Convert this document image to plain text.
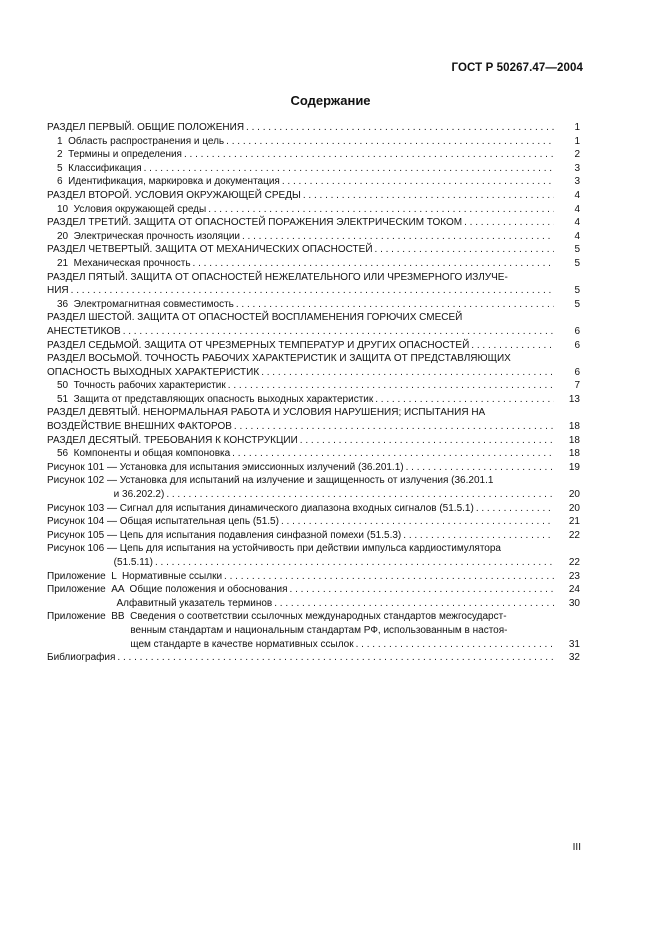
ГОСТ Р 50267.47—2004
Содержание
РАЗДЕЛ ПЕРВЫЙ. ОБЩИЕ ПОЛОЖЕНИЯ . . .	1
1  Область распространения и цель . . .	1
2  Термины и определения . . .	2
5  Классификация . . .	3
6  Идентификация, маркировка и документация . . .	3
РАЗДЕЛ ВТОРОЙ. УСЛОВИЯ ОКРУЖАЮЩЕЙ СРЕДЫ . . .	4
10  Условия окружающей среды . . .	4
РАЗДЕЛ ТРЕТИЙ. ЗАЩИТА ОТ ОПАСНОСТЕЙ ПОРАЖЕНИЯ ЭЛЕКТРИЧЕСКИМ ТОКОМ . . .	4
20  Электрическая прочность изоляции . . .	4
РАЗДЕЛ ЧЕТВЕРТЫЙ. ЗАЩИТА ОТ МЕХАНИЧЕСКИХ ОПАСНОСТЕЙ . . .	5
21  Механическая прочность . . .	5
РАЗДЕЛ ПЯТЫЙ. ЗАЩИТА ОТ ОПАСНОСТЕЙ НЕЖЕЛАТЕЛЬНОГО ИЛИ ЧРЕЗМЕРНОГО ИЗЛУЧЕ-
НИЯ . . .	5
36  Электромагнитная совместимость . . .	5
РАЗДЕЛ ШЕСТОЙ. ЗАЩИТА ОТ ОПАСНОСТЕЙ ВОСПЛАМЕНЕНИЯ ГОРЮЧИХ СМЕСЕЙ
АНЕСТЕТИКОВ . . .	6
РАЗДЕЛ СЕДЬМОЙ. ЗАЩИТА ОТ ЧРЕЗМЕРНЫХ ТЕМПЕРАТУР И ДРУГИХ ОПАСНОСТЕЙ . . .	6
РАЗДЕЛ ВОСЬМОЙ. ТОЧНОСТЬ РАБОЧИХ ХАРАКТЕРИСТИК И ЗАЩИТА ОТ ПРЕДСТАВЛЯЮЩИХ
ОПАСНОСТЬ ВЫХОДНЫХ ХАРАКТЕРИСТИК . . .	6
50  Точность рабочих характеристик . . .	7
51  Защита от представляющих опасность выходных характеристик . . .	13
РАЗДЕЛ ДЕВЯТЫЙ. НЕНОРМАЛЬНАЯ РАБОТА И УСЛОВИЯ НАРУШЕНИЯ; ИСПЫТАНИЯ НА
ВОЗДЕЙСТВИЕ ВНЕШНИХ ФАКТОРОВ . . .	18
РАЗДЕЛ ДЕСЯТЫЙ. ТРЕБОВАНИЯ К КОНСТРУКЦИИ . . .	18
56  Компоненты и общая компоновка . . .	18
Рисунок 101 — Установка для испытания эмиссионных излучений (36.201.1) . . .	19
Рисунок 102 — Установка для испытаний на излучение и защищенность от излучения (36.201.1
и 36.202.2) . . .	20
Рисунок 103 — Сигнал для испытания динамического диапазона входных сигналов (51.5.1) . . .	20
Рисунок 104 — Общая испытательная цепь (51.5) . . .	21
Рисунок 105 — Цепь для испытания подавления синфазной помехи (51.5.3) . . .	22
Рисунок 106 — Цепь для испытания на устойчивость при действии импульса кардиостимулятора
(51.5.11) . . .	22
Приложение  L  Нормативные ссылки . . .	23
Приложение  AA  Общие положения и обоснования . . .	24
Алфавитный указатель терминов . . .	30
Приложение  BB  Сведения о соответствии ссылочных международных стандартов межгосударст-
венным стандартам и национальным стандартам РФ, использованным в настоя-
щем стандарте в качестве нормативных ссылок . . .	31
Библиография . . .	32
III
